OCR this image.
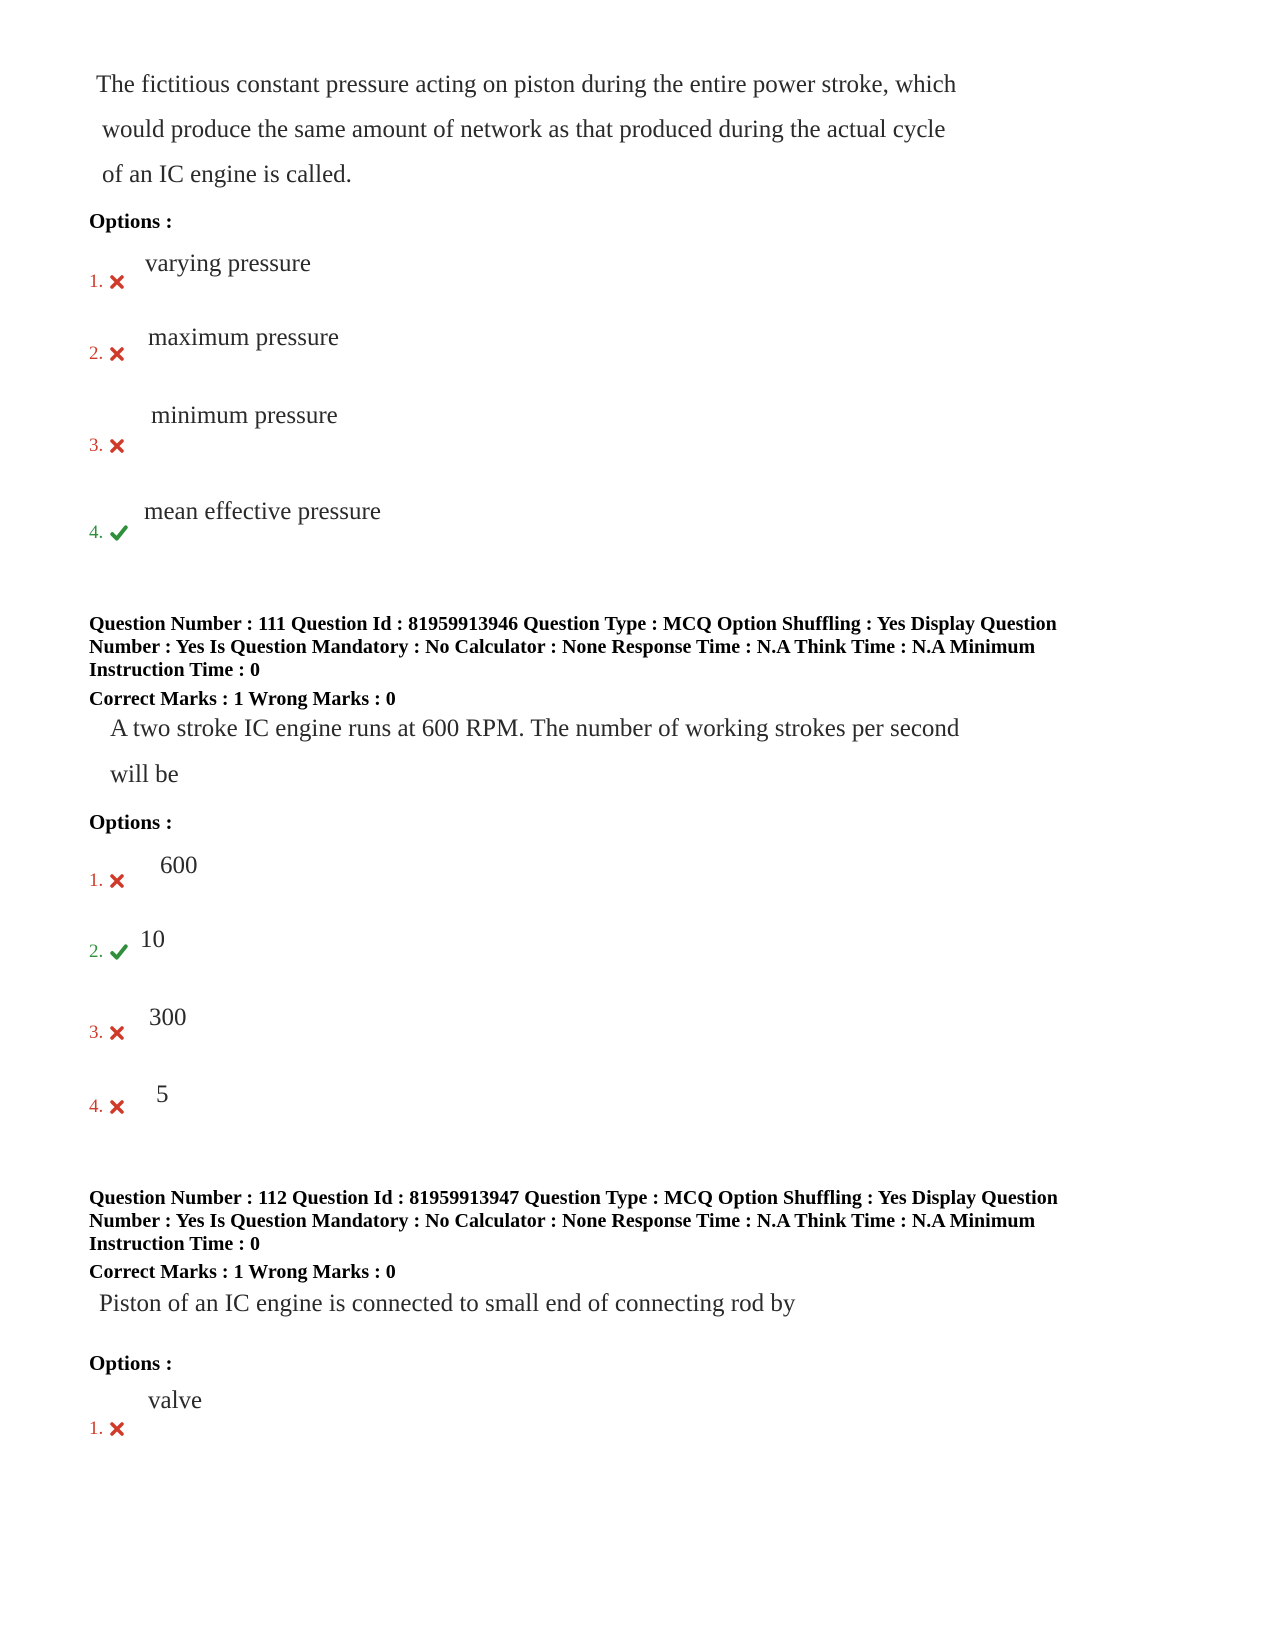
The fictitious constant pressure acting on piston during the entire power stroke, which
would produce the same amount of network as that produced during the actual cycle
of an IC engine is called.
Options :
1.
varying pressure
2.
maximum pressure
3.
minimum pressure
4.
mean effective pressure
Question Number : 111 Question Id : 81959913946 Question Type : MCQ Option Shuffling : Yes Display Question
Number : Yes Is Question Mandatory : No Calculator : None Response Time : N.A Think Time : N.A Minimum
Instruction Time : 0
Correct Marks : 1 Wrong Marks : 0
A two stroke IC engine runs at 600 RPM. The number of working strokes per second
will be
Options :
1.
600
2. 10
3.
300
4. 5
Question Number : 112 Question Id : 81959913947 Question Type : MCQ Option Shuffling : Yes Display Question
Number : Yes Is Question Mandatory : No Calculator : None Response Time : N.A Think Time : N.A Minimum
Instruction Time : 0
Correct Marks : 1 Wrong Marks : 0
Piston of an IC engine is connected to small end of connecting rod by
Options :
1.
valve
